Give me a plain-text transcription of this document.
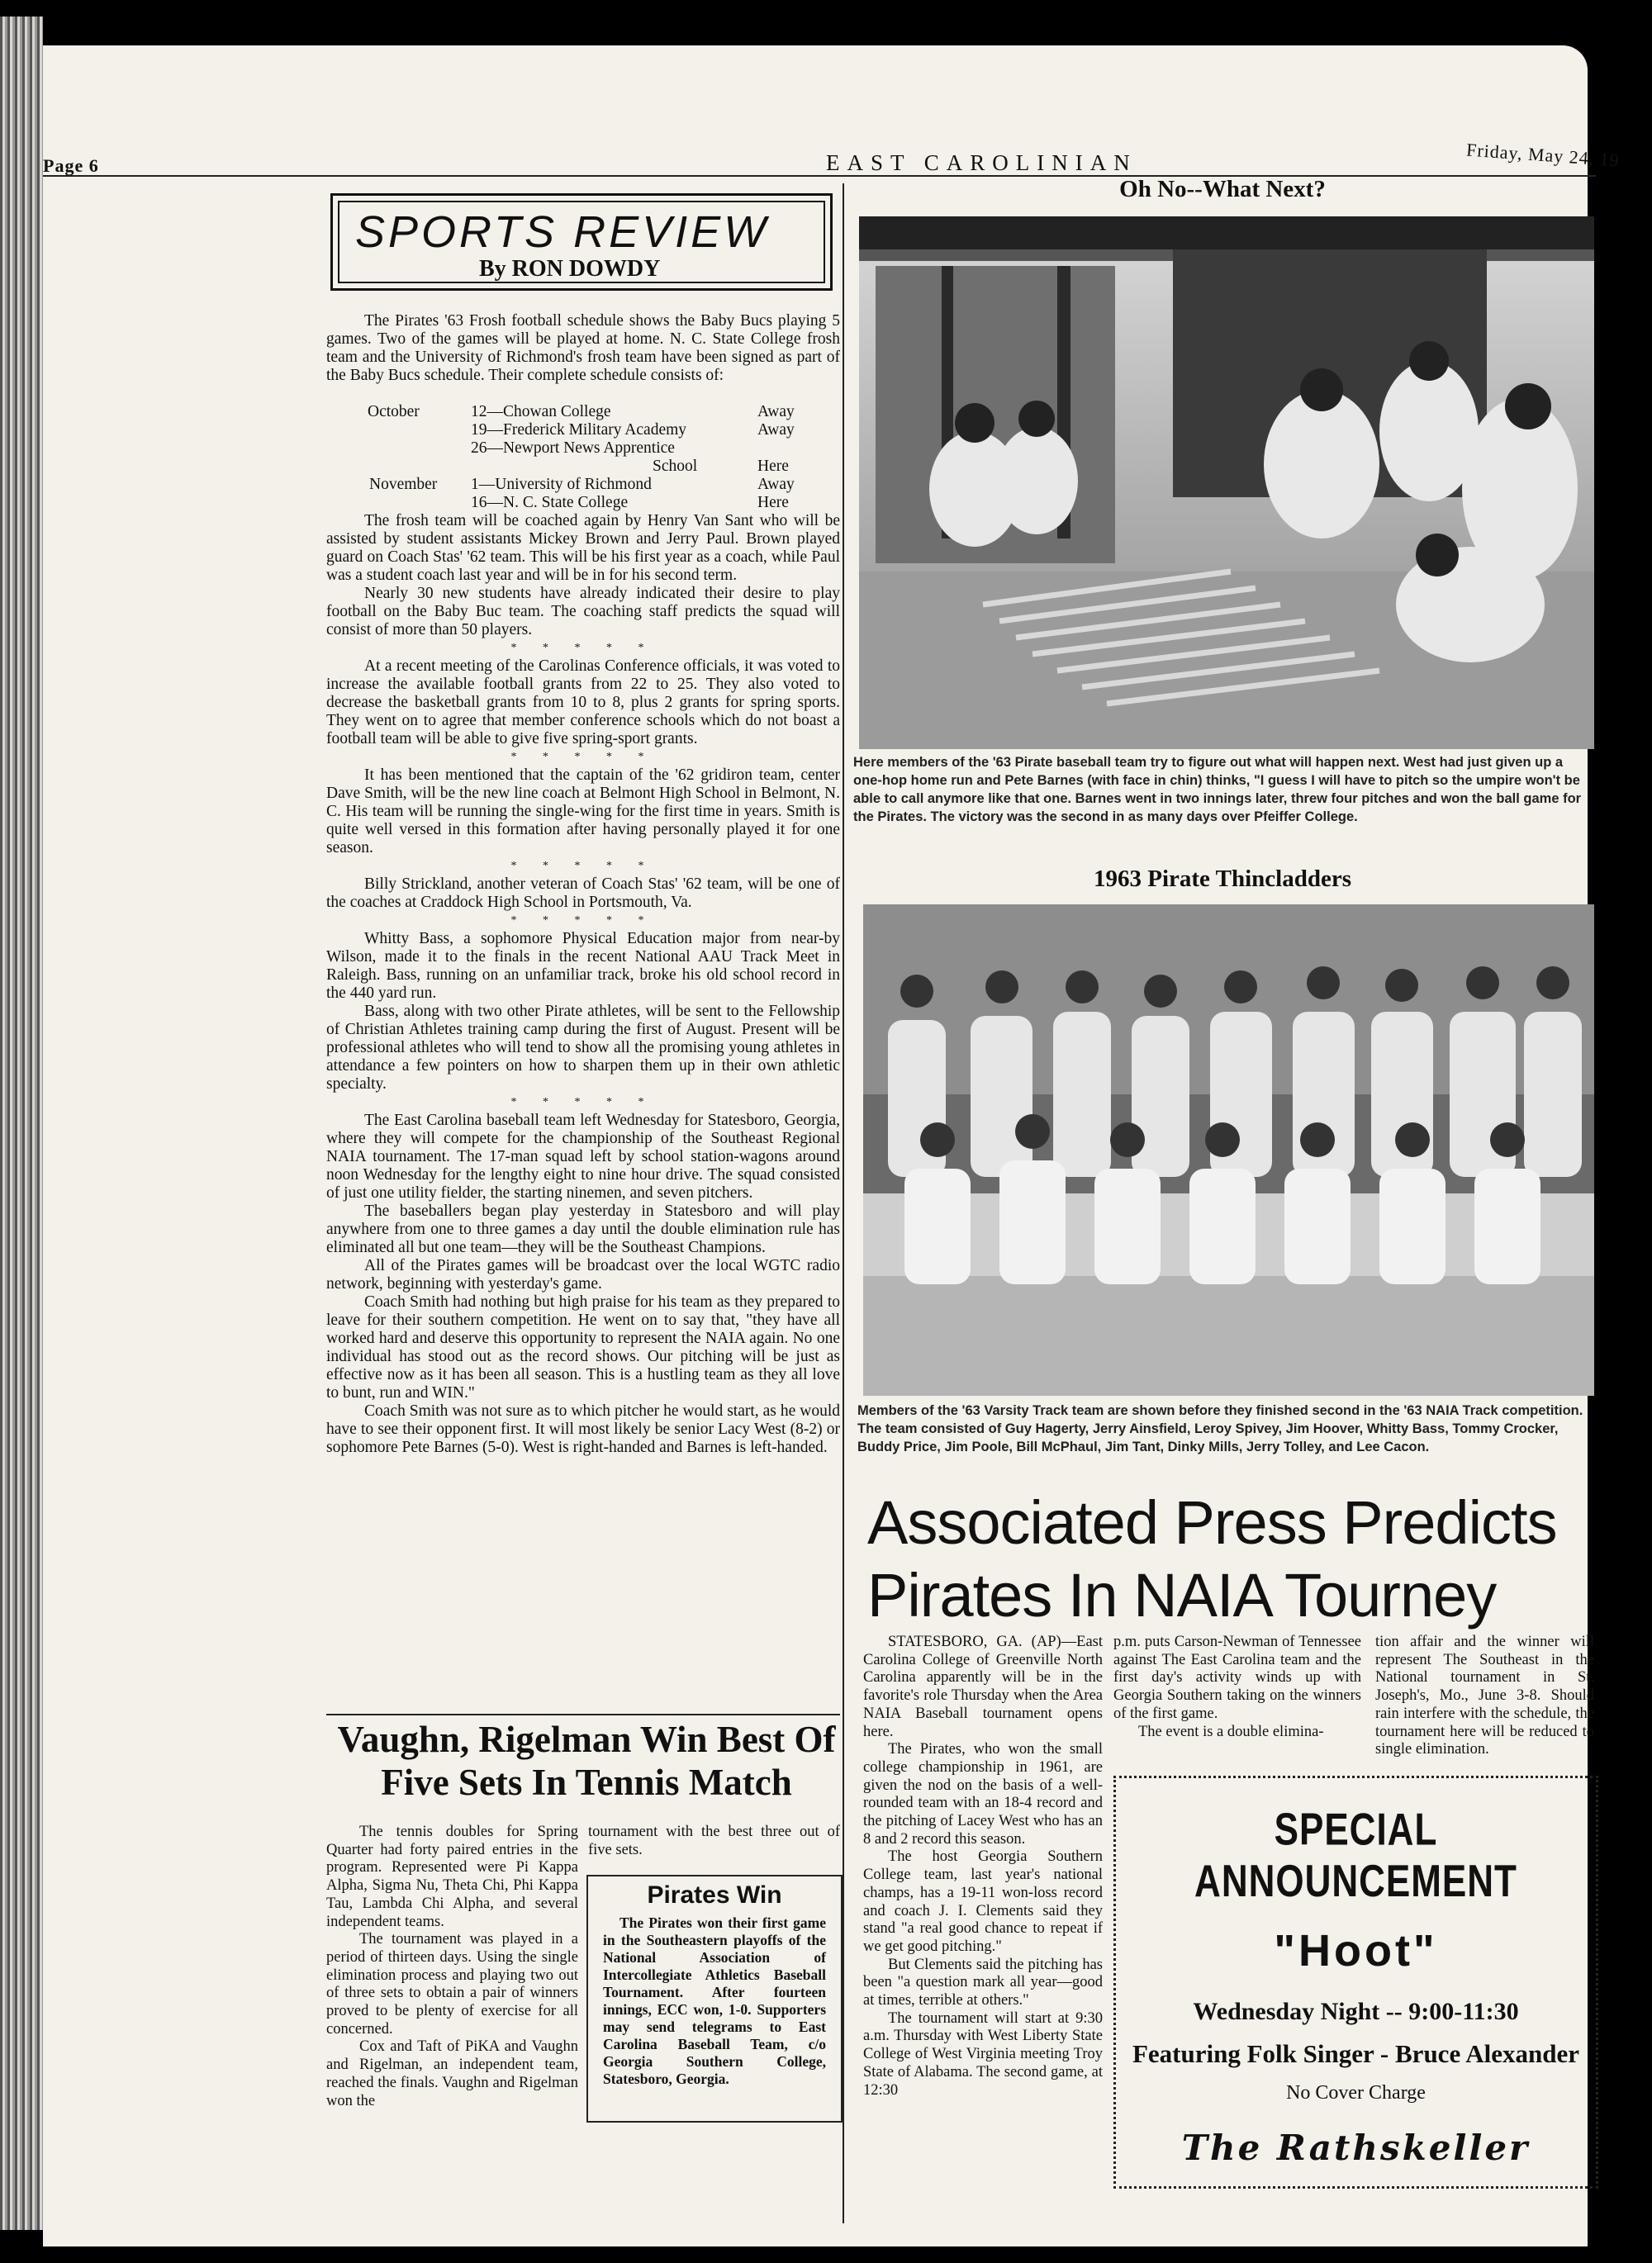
Page 6	EAST CAROLINIAN	Friday, May 24, 19
SPORTS REVIEW
By RON DOWDY

The Pirates '63 Frosh football schedule shows the Baby Bucs playing 5 games. Two of the games will be played at home. N. C. State College frosh team and the University of Richmond's frosh team have been signed as part of the Baby Bucs schedule. Their complete schedule consists of:

October	12—Chowan College	Away
19—Frederick Military Academy	Away
26—Newport News Apprentice
School	Here
November 1—University of Richmond	Away
16—N. C. State College	Here

The frosh team will be coached again by Henry Van Sant who will be assisted by student assistants Mickey Brown and Jerry Paul. Brown played guard on Coach Stas' '62 team. This will be his first year as a coach, while Paul was a student coach last year and will be in for his second term.

Nearly 30 new students have already indicated their desire to play football on the Baby Buc team. The coaching staff predicts the squad will consist of more than 50 players.

* * * * *

At a recent meeting of the Carolinas Conference officials, it was voted to increase the available football grants from 22 to 25. They also voted to decrease the basketball grants from 10 to 8, plus 2 grants for spring sports. They went on to agree that member conference schools which do not boast a football team will be able to give five spring-sport grants.

* * * * *

It has been mentioned that the captain of the '62 gridiron team, center Dave Smith, will be the new line coach at Belmont High School in Belmont, N. C. His team will be running the single-wing for the first time in years. Smith is quite well versed in this formation after having personally played it for one season.

* * * * *

Billy Strickland, another veteran of Coach Stas' '62 team, will be one of the coaches at Craddock High School in Portsmouth, Va.

* * * * *

Whitty Bass, a sophomore Physical Education major from near-by Wilson, made it to the finals in the recent National AAU Track Meet in Raleigh. Bass, running on an unfamiliar track, broke his old school record in the 440 yard run.

Bass, along with two other Pirate athletes, will be sent to the Fellowship of Christian Athletes training camp during the first of August. Present will be professional athletes who will tend to show all the promising young athletes in attendance a few pointers on how to sharpen them up in their own athletic specialty.

* * * * *

The East Carolina baseball team left Wednesday for Statesboro, Georgia, where they will compete for the championship of the Southeast Regional NAIA tournament. The 17-man squad left by school station-wagons around noon Wednesday for the lengthy eight to nine hour drive. The squad consisted of just one utility fielder, the starting ninemen, and seven pitchers.

The baseballers began play yesterday in Statesboro and will play anywhere from one to three games a day until the double elimination rule has eliminated all but one team—they will be the Southeast Champions.

All of the Pirates games will be broadcast over the local WGTC radio network, beginning with yesterday's game.

Coach Smith had nothing but high praise for his team as they prepared to leave for their southern competition. He went on to say that, "they have all worked hard and deserve this opportunity to represent the NAIA again. No one individual has stood out as the record shows. Our pitching will be just as effective now as it has been all season. This is a hustling team as they all love to bunt, run and WIN."

Coach Smith was not sure as to which pitcher he would start, as he would have to see their opponent first. It will most likely be senior Lacy West (8-2) or sophomore Pete Barnes (5-0). West is right-handed and Barnes is left-handed.

Vaughn, Rigelman Win Best Of Five Sets In Tennis Match

The tennis doubles for Spring Quarter had forty paired entries in the program. Represented were Pi Kappa Alpha, Sigma Nu, Theta Chi, Phi Kappa Tau, Lambda Chi Alpha, and several independent teams.

The tournament was played in a period of thirteen days. Using the single elimination process and playing two out of three sets to obtain a pair of winners proved to be plenty of exercise for all concerned.

Cox and Taft of PiKA and Vaughn and Rigelman, an independent team, reached the finals. Vaughn and Rigelman won the

tournament with the best three out of five sets.

Pirates Win
The Pirates won their first game in the Southeastern playoffs of the National Association of Intercollegiate Athletics Baseball Tournament. After fourteen innings, ECC won, 1-0. Supporters may send telegrams to East Carolina Baseball Team, c/o Georgia Southern College, Statesboro, Georgia.
Oh No--What Next?
Here members of the '63 Pirate baseball team try to figure out what will happen next. West had just given up a one-hop home run and Pete Barnes (with face in chin) thinks, "I guess I will have to pitch so the umpire won't be able to call anymore like that one. Barnes went in two innings later, threw four pitches and won the ball game for the Pirates. The victory was the second in as many days over Pfeiffer College.
1963 Pirate Thincladders
Members of the '63 Varsity Track team are shown before they finished second in the '63 NAIA Track competition. The team consisted of Guy Hagerty, Jerry Ainsfield, Leroy Spivey, Jim Hoover, Whitty Bass, Tommy Crocker, Buddy Price, Jim Poole, Bill McPhaul, Jim Tant, Dinky Mills, Jerry Tolley, and Lee Cacon.
Associated Press Predicts Pirates In NAIA Tourney

STATESBORO, GA. (AP)—East Carolina College of Greenville North Carolina apparently will be in the favorite's role Thursday when the Area NAIA Baseball tournament opens here.

The Pirates, who won the small college championship in 1961, are given the nod on the basis of a well-rounded team with an 18-4 record and the pitching of Lacey West who has an 8 and 2 record this season.

The host Georgia Southern College team, last year's national champs, has a 19-11 won-loss record and coach J. I. Clements said they stand "a real good chance to repeat if we get good pitching."

But Clements said the pitching has been "a question mark all year—good at times, terrible at others."

The tournament will start at 9:30 a.m. Thursday with West Liberty State College of West Virginia meeting Troy State of Alabama. The second game, at 12:30

p.m. puts Carson-Newman of Tennessee against The East Carolina team and the first day's activity winds up with Georgia Southern taking on the winners of the first game.

The event is a double elimina-

tion affair and the winner will represent The Southeast in the National tournament in St. Joseph's, Mo., June 3-8. Should rain interfere with the schedule, the tournament here will be reduced to single elimination.

SPECIAL ANNOUNCEMENT
"Hoot"
Wednesday Night -- 9:00-11:30
Featuring Folk Singer - Bruce Alexander
No Cover Charge
The Rathskeller
